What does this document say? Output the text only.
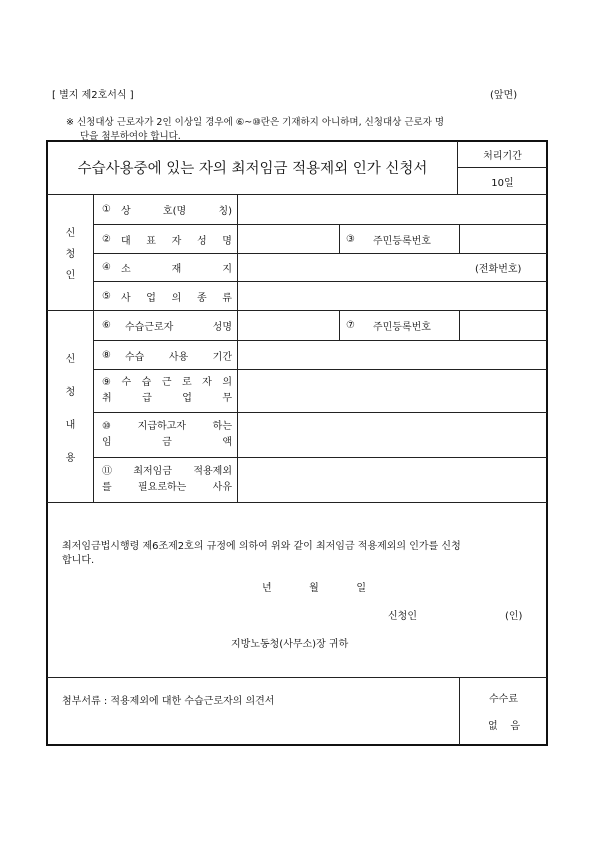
[ 별지 제2호서식 ]	(앞면)
※ 신청대상 근로자가 2인 이상일 경우에 ⑥~⑩란은 기재하지 아니하며, 신청대상 근로자 명
단을 첨부하여야 합니다.
수습사용중에 있는 자의 최저임금 적용제외 인가 신청서
처리기간
10일
신
청
인
① 상	호(명	칭)
② 대 표 자 성 명	③ 주민등록번호
④ 소	재	지	(전화번호)
⑤ 사 업 의 종 류
신
청
내
용
⑥ 수습근로자	성명	⑦ 주민등록번호
⑧ 수습 사용 기간
⑨ 수 습 근 로 자 의
취	급	업	무
⑩	지급하고자	하는
임	금	액
⑪ 최저임금 적용제외
를	필요로하는	사유
최저임금법시행령 제6조제2호의 규정에 의하여 위와 같이 최저임금 적용제외의 인가를 신청
합니다.
년	월	일
신청인	(인)
지방노동청(사무소)장 귀하
첨부서류 : 적용제외에 대한 수습근로자의 의견서	수수료
없 음
